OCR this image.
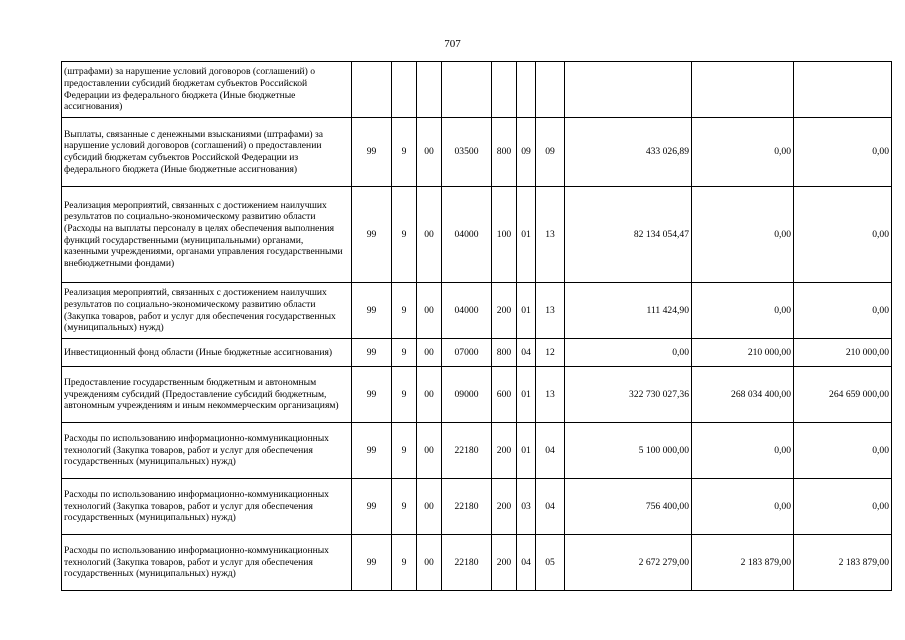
707
(штрафами) за нарушение условий договоров (соглашений) о предоставлении субсидий бюджетам субъектов Российской Федерации из федерального бюджета (Иные бюджетные ассигнования)										
Выплаты, связанные с денежными взысканиями (штрафами) за нарушение условий договоров (соглашений) о предоставлении субсидий бюджетам субъектов Российской Федерации из федерального бюджета (Иные бюджетные ассигнования)	99	9	00	03500	800	09	09	433 026,89	0,00	0,00
Реализация мероприятий, связанных с достижением наилучших результатов по социально-экономическому развитию области (Расходы на выплаты персоналу в целях обеспечения выполнения функций государственными (муниципальными) органами, казенными учреждениями, органами управления государственными внебюджетными фондами)	99	9	00	04000	100	01	13	82 134 054,47	0,00	0,00
Реализация мероприятий, связанных с достижением наилучших результатов по социально-экономическому развитию области (Закупка товаров, работ и услуг для обеспечения государственных (муниципальных) нужд)	99	9	00	04000	200	01	13	111 424,90	0,00	0,00
Инвестиционный фонд области (Иные бюджетные ассигнования)	99	9	00	07000	800	04	12	0,00	210 000,00	210 000,00
Предоставление государственным бюджетным и автономным учреждениям субсидий (Предоставление субсидий бюджетным, автономным учреждениям и иным некоммерческим организациям)	99	9	00	09000	600	01	13	322 730 027,36	268 034 400,00	264 659 000,00
Расходы по использованию информационно-коммуникационных технологий (Закупка товаров, работ и услуг для обеспечения государственных (муниципальных) нужд)	99	9	00	22180	200	01	04	5 100 000,00	0,00	0,00
Расходы по использованию информационно-коммуникационных технологий (Закупка товаров, работ и услуг для обеспечения государственных (муниципальных) нужд)	99	9	00	22180	200	03	04	756 400,00	0,00	0,00
Расходы по использованию информационно-коммуникационных технологий (Закупка товаров, работ и услуг для обеспечения государственных (муниципальных) нужд)	99	9	00	22180	200	04	05	2 672 279,00	2 183 879,00	2 183 879,00
